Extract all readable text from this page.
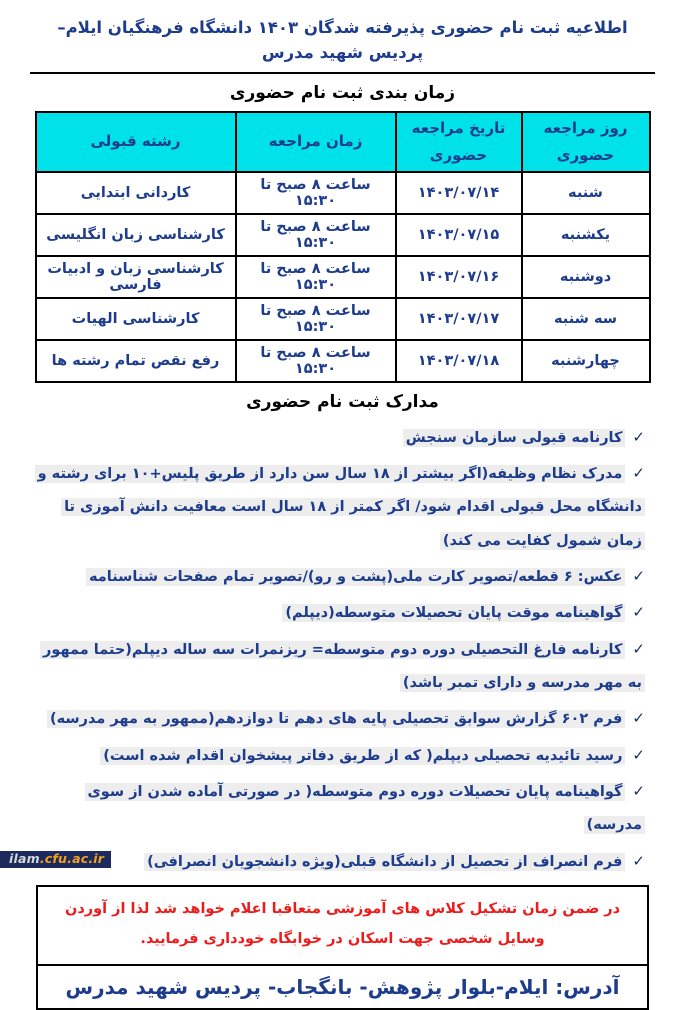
اطلاعیه ثبت نام حضوری پذیرفته شدگان ۱۴۰۳ دانشگاه فرهنگیان ایلام– پردیس شهید مدرس
زمان بندی ثبت نام حضوری
روز مراجعه حضوری	تاریخ مراجعه حضوری	زمان مراجعه	رشته قبولی
شنبه	۱۴۰۳/۰۷/۱۴	ساعت ۸ صبح تا ۱۵:۳۰	کاردانی ابتدایی
یکشنبه	۱۴۰۳/۰۷/۱۵	ساعت ۸ صبح تا ۱۵:۳۰	کارشناسی زبان انگلیسی
دوشنبه	۱۴۰۳/۰۷/۱۶	ساعت ۸ صبح تا ۱۵:۳۰	کارشناسی زبان و ادبیات فارسی
سه شنبه	۱۴۰۳/۰۷/۱۷	ساعت ۸ صبح تا ۱۵:۳۰	کارشناسی الهیات
چهارشنبه	۱۴۰۳/۰۷/۱۸	ساعت ۸ صبح تا ۱۵:۳۰	رفع نقص تمام رشته ها
مدارک ثبت نام حضوری
✓کارنامه قبولی سازمان سنجش
✓مدرک نظام وظیفه(اگر بیشتر از ۱۸ سال سن دارد از طریق پلیس+۱۰ برای رشته و دانشگاه محل قبولی اقدام شود/ اگر کمتر از ۱۸ سال است معافیت دانش آموزی تا زمان شمول کفایت می کند)
✓عکس: ۶ قطعه/تصویر کارت ملی(پشت و رو)/تصویر تمام صفحات شناسنامه
✓گواهینامه موقت پایان تحصیلات متوسطه(دیپلم)
✓کارنامه فارغ التحصیلی دوره دوم متوسطه= ریزنمرات سه ساله دیپلم(حتما ممهور به مهر مدرسه و دارای تمبر باشد)
✓فرم ۶۰۲ گزارش سوابق تحصیلی پایه های دهم تا دوازدهم(ممهور به مهر مدرسه)
✓رسید تائیدیه تحصیلی دیپلم( که از طریق دفاتر پیشخوان اقدام شده است)
✓گواهینامه پایان تحصیلات دوره دوم متوسطه( در صورتی آماده شدن از سوی مدرسه)
✓فرم انصراف از تحصیل از دانشگاه قبلی(ویژه دانشجویان انصرافی)
در ضمن زمان تشکیل کلاس های آموزشی متعاقبا اعلام خواهد شد لذا از آوردن وسایل شخصی جهت اسکان در خوابگاه خودداری فرمایید.
آدرس: ایلام-بلوار پژوهش- بانگجاب- پردیس شهید مدرس
ilam.cfu.ac.ir
